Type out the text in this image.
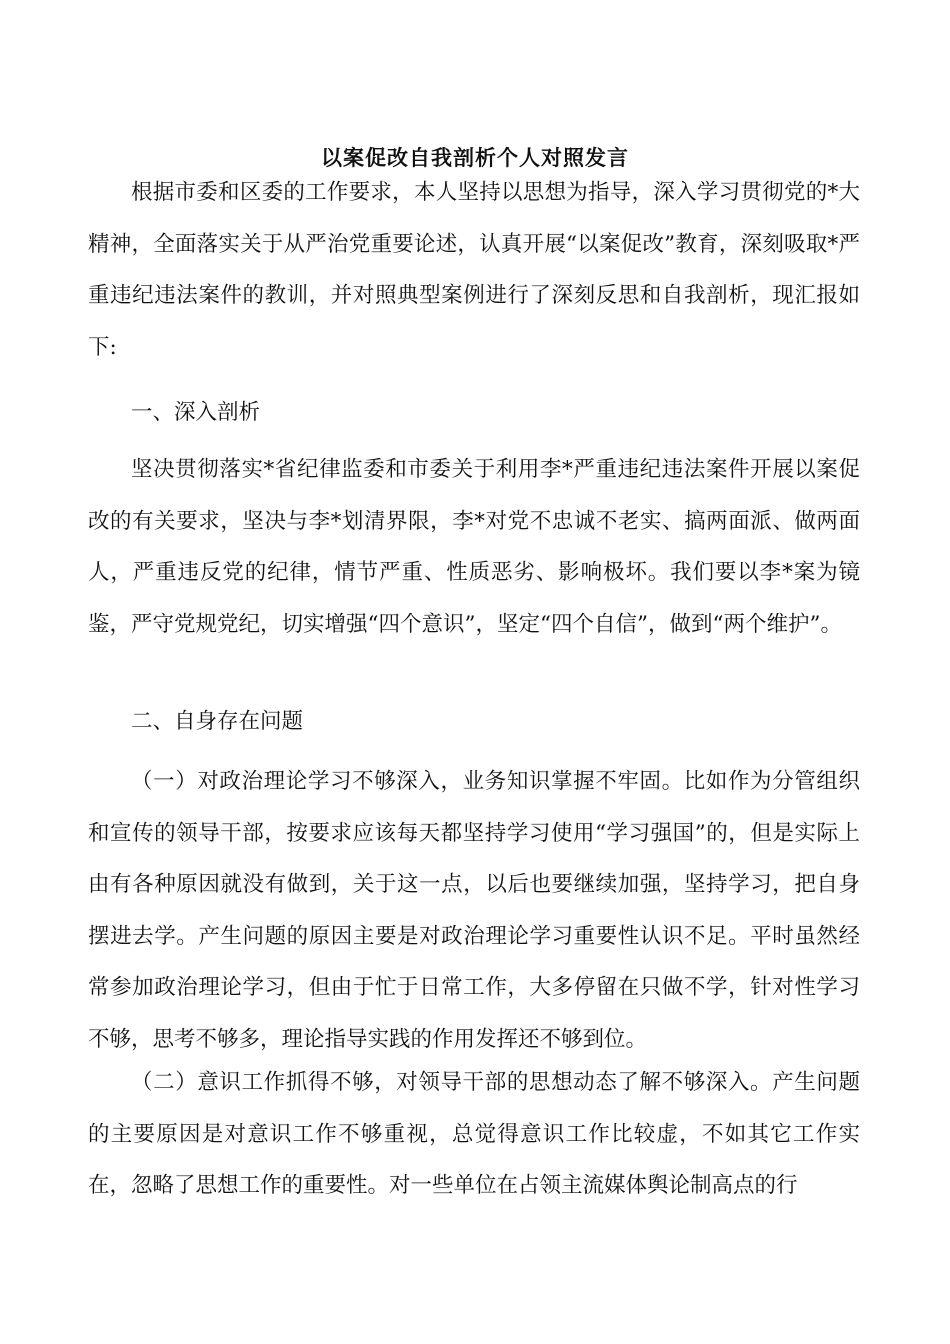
以案促改自我剖析个人对照发言

根据市委和区委的工作要求，本人坚持以思想为指导，深入学习贯彻党的*大精神，全面落实关于从严治党重要论述，认真开展“以案促改”教育，深刻吸取*严重违纪违法案件的教训，并对照典型案例进行了深刻反思和自我剖析，现汇报如下:

一、深入剖析

坚决贯彻落实*省纪律监委和市委关于利用李*严重违纪违法案件开展以案促改的有关要求，坚决与李*划清界限，李*对党不忠诚不老实、搞两面派、做两面人，严重违反党的纪律，情节严重、性质恶劣、影响极坏。我们要以李*案为镜鉴，严守党规党纪，切实增强“四个意识”，坚定“四个自信”，做到“两个维护”。

二、自身存在问题

（一）对政治理论学习不够深入，业务知识掌握不牢固。比如作为分管组织和宣传的领导干部，按要求应该每天都坚持学习使用“学习强国”的，但是实际上由有各种原因就没有做到，关于这一点，以后也要继续加强，坚持学习，把自身摆进去学。产生问题的原因主要是对政治理论学习重要性认识不足。平时虽然经常参加政治理论学习，但由于忙于日常工作，大多停留在只做不学，针对性学习不够，思考不够多，理论指导实践的作用发挥还不够到位。

（二）意识工作抓得不够，对领导干部的思想动态了解不够深入。产生问题的主要原因是对意识工作不够重视，总觉得意识工作比较虚，不如其它工作实在，忽略了思想工作的重要性。对一些单位在占领主流媒体舆论制高点的行
